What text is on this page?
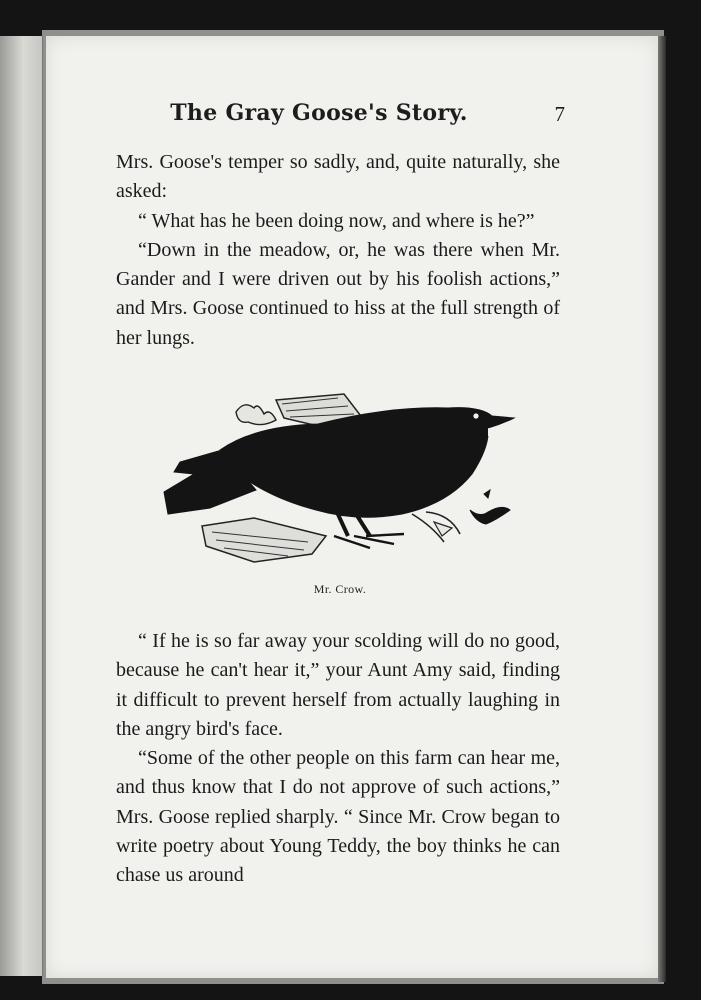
The Gray Goose's Story.	7

Mrs. Goose's temper so sadly, and, quite naturally, she asked:

“ What has he been doing now, and where is he?”

“Down in the meadow, or, he was there when Mr. Gander and I were driven out by his foolish actions,” and Mrs. Goose continued to hiss at the full strength of her lungs.

Mr. Crow.

“ If he is so far away your scolding will do no good, because he can't hear it,” your Aunt Amy said, finding it difficult to prevent herself from actually laughing in the angry bird's face.

“Some of the other people on this farm can hear me, and thus know that I do not approve of such actions,” Mrs. Goose replied sharply. “ Since Mr. Crow began to write poetry about Young Teddy, the boy thinks he can chase us around
